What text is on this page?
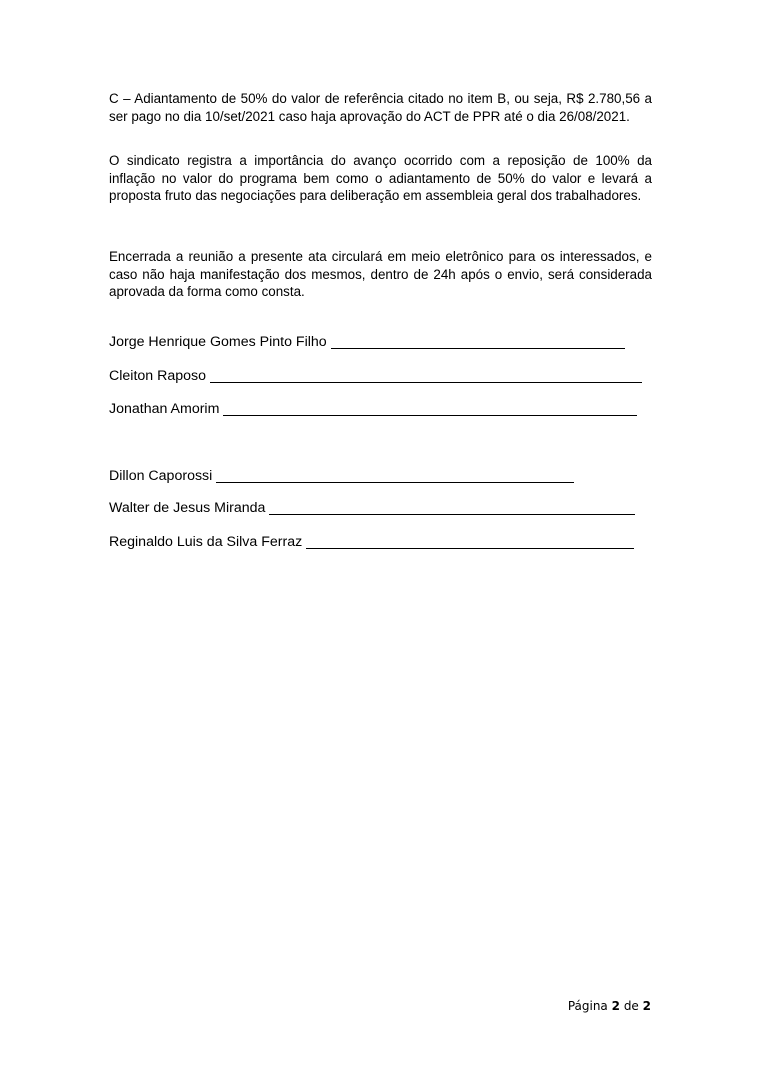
C – Adiantamento de 50% do valor de referência citado no item B, ou seja, R$ 2.780,56 a ser pago no dia 10/set/2021 caso haja aprovação do ACT de PPR até o dia 26/08/2021.

O sindicato registra a importância do avanço ocorrido com a reposição de 100% da inflação no valor do programa bem como o adiantamento de 50% do valor e levará a proposta fruto das negociações para deliberação em assembleia geral dos trabalhadores.

Encerrada a reunião a presente ata circulará em meio eletrônico para os interessados, e caso não haja manifestação dos mesmos, dentro de 24h após o envio, será considerada aprovada da forma como consta.

Jorge Henrique Gomes Pinto Filho
Cleiton Raposo
Jonathan Amorim
Dillon Caporossi
Walter de Jesus Miranda
Reginaldo Luis da Silva Ferraz
Página 2 de 2
